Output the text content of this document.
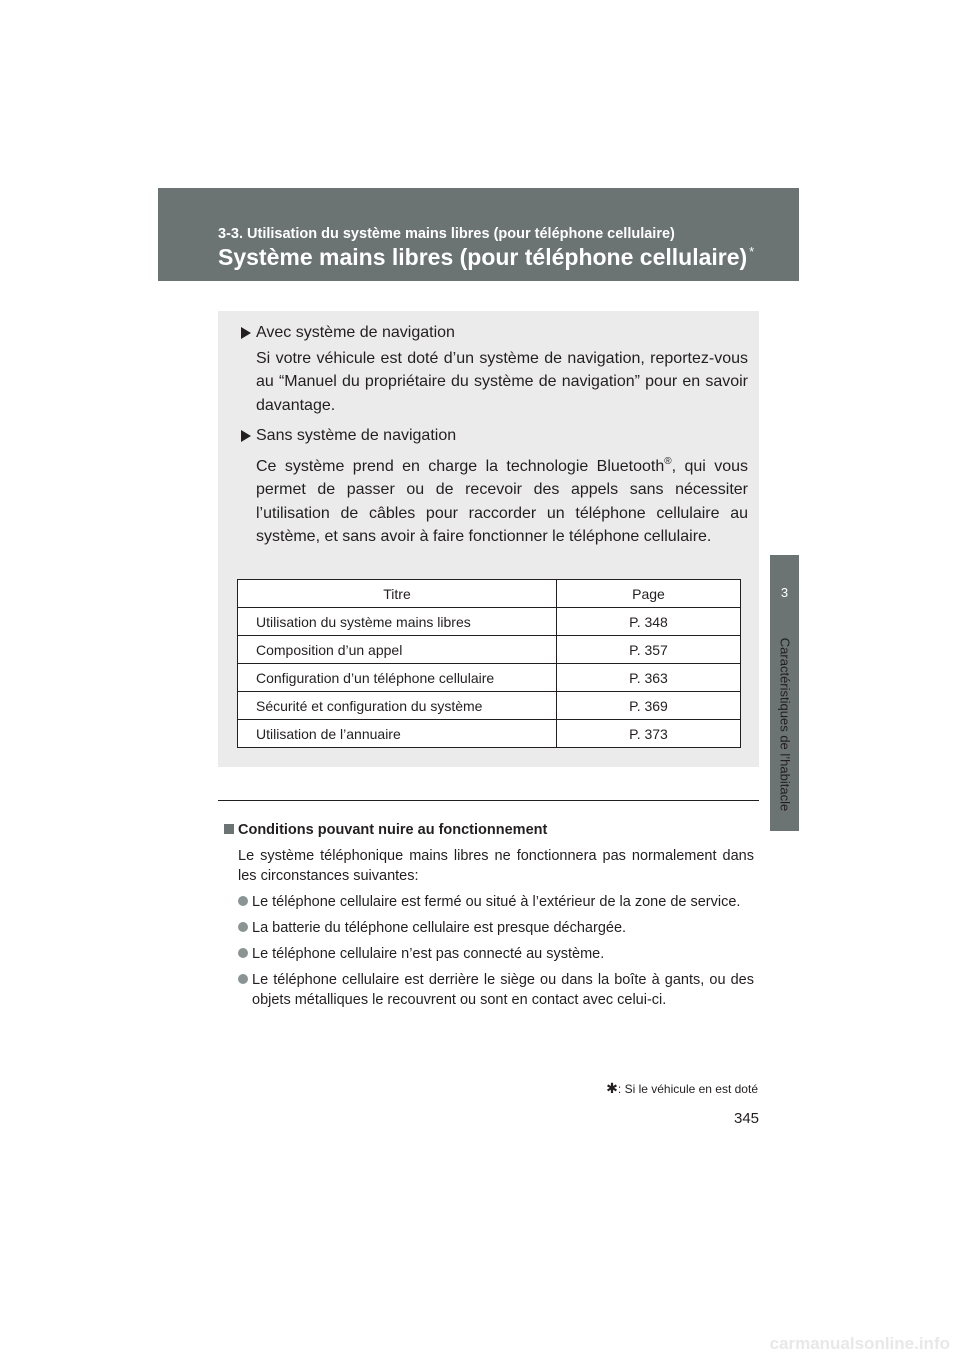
3-3. Utilisation du système mains libres (pour téléphone cellulaire)
Système mains libres (pour téléphone cellulaire) *
3
Caractéristiques de l’habitacle
Avec système de navigation
Si votre véhicule est doté d’un système de navigation, reportez-vous au “Manuel du propriétaire du système de navigation” pour en savoir davantage.
Sans système de navigation
Ce système prend en charge la technologie Bluetooth®, qui vous permet de passer ou de recevoir des appels sans nécessiter l’utilisation de câbles pour raccorder un téléphone cellulaire au système, et sans avoir à faire fonctionner le téléphone cellulaire.
Titre	Page
Utilisation du système mains libres	P. 348
Composition d’un appel	P. 357
Configuration d’un téléphone cellulaire	P. 363
Sécurité et configuration du système	P. 369
Utilisation de l’annuaire	P. 373
Conditions pouvant nuire au fonctionnement
Le système téléphonique mains libres ne fonctionnera pas normalement dans les circonstances suivantes:
Le téléphone cellulaire est fermé ou situé à l’extérieur de la zone de service.
La batterie du téléphone cellulaire est presque déchargée.
Le téléphone cellulaire n’est pas connecté au système.
Le téléphone cellulaire est derrière le siège ou dans la boîte à gants, ou des objets métalliques le recouvrent ou sont en contact avec celui-ci.
✱: Si le véhicule en est doté
345
carmanualsonline.info
